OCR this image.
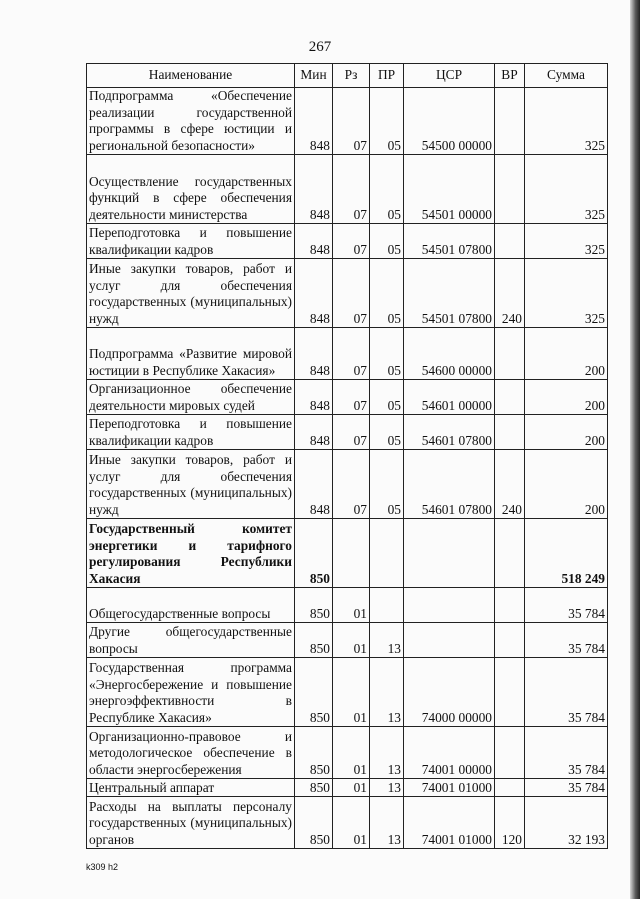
267
Наименование	Мин	Рз	ПР	ЦСР	ВР	Сумма
Подпрограмма «Обеспечение реализации государственной программы в сфере юстиции и региональной безопасности»	848	07	05	54500 00000		325
Осуществление государственных функций в сфере обеспечения деятельности министерства	848	07	05	54501 00000		325
Переподготовка и повышение квалификации кадров	848	07	05	54501 07800		325
Иные закупки товаров, работ и услуг для обеспечения государственных (муниципальных) нужд	848	07	05	54501 07800	240	325
Подпрограмма «Развитие мировой юстиции в Республике Хакасия»	848	07	05	54600 00000		200
Организационное обеспечение деятельности мировых судей	848	07	05	54601 00000		200
Переподготовка и повышение квалификации кадров	848	07	05	54601 07800		200
Иные закупки товаров, работ и услуг для обеспечения государственных (муниципальных) нужд	848	07	05	54601 07800	240	200
Государственный комитет энергетики и тарифного регулирования Республики Хакасия	850					518 249
Общегосударственные вопросы	850	01				35 784
Другие общегосударственные вопросы	850	01	13			35 784
Государственная программа «Энергосбережение и повышение энергоэффективности в Республике Хакасия»	850	01	13	74000 00000		35 784
Организационно-правовое и методологическое обеспечение в области энергосбережения	850	01	13	74001 00000		35 784
Центральный аппарат	850	01	13	74001 01000		35 784
Расходы на выплаты персоналу государственных (муниципальных) органов	850	01	13	74001 01000	120	32 193
k309 h2
